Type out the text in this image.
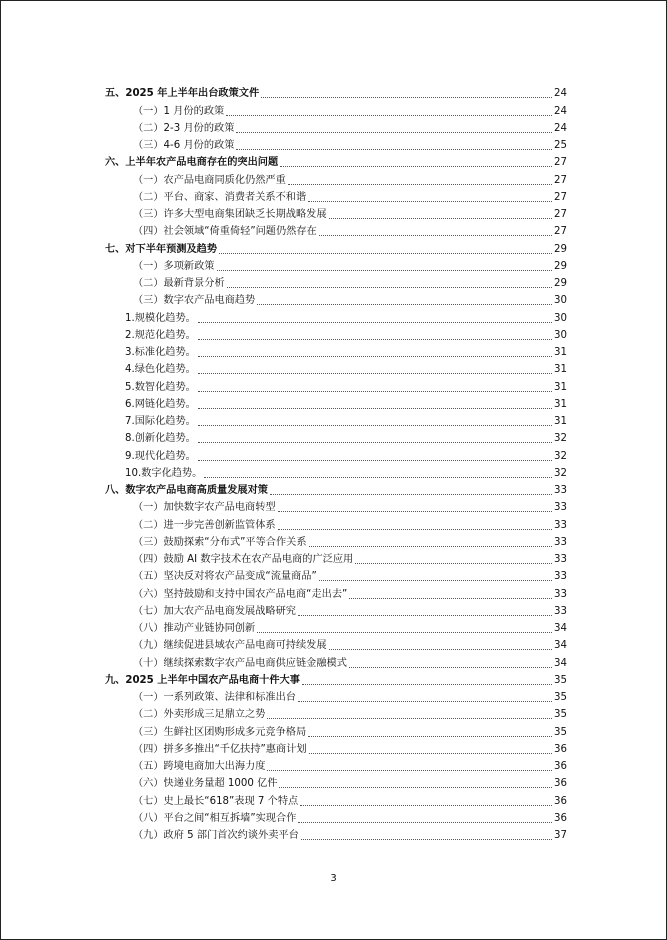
五、2025 年上半年出台政策文件	24
（一）1 月份的政策	24
（二）2-3 月份的政策	24
（三）4-6 月份的政策	25
六、上半年农产品电商存在的突出问题	27
（一）农产品电商同质化仍然严重	27
（二）平台、商家、消费者关系不和谐	27
（三）许多大型电商集团缺乏长期战略发展	27
（四）社会领域“倚重倚轻”问题仍然存在	27
七、对下半年预测及趋势	29
（一）多项新政策	29
（二）最新背景分析	29
（三）数字农产品电商趋势	30
1.规模化趋势。	30
2.规范化趋势。	30
3.标准化趋势。	31
4.绿色化趋势。	31
5.数智化趋势。	31
6.网链化趋势。	31
7.国际化趋势。	31
8.创新化趋势。	32
9.现代化趋势。	32
10.数字化趋势。	32
八、数字农产品电商高质量发展对策	33
（一）加快数字农产品电商转型	33
（二）进一步完善创新监管体系	33
（三）鼓励探索“分布式”平等合作关系	33
（四）鼓励 AI 数字技术在农产品电商的广泛应用	33
（五）坚决反对将农产品变成“流量商品”	33
（六）坚持鼓励和支持中国农产品电商“走出去”	33
（七）加大农产品电商发展战略研究	33
（八）推动产业链协同创新	34
（九）继续促进县域农产品电商可持续发展	34
（十）继续探索数字农产品电商供应链金融模式	34
九、2025 上半年中国农产品电商十件大事	35
（一）一系列政策、法律和标准出台	35
（二）外卖形成三足鼎立之势	35
（三）生鲜社区团购形成多元竞争格局	35
（四）拼多多推出“千亿扶持”惠商计划	36
（五）跨境电商加大出海力度	36
（六）快递业务量超 1000 亿件	36
（七）史上最长“618”表现 7 个特点	36
（八）平台之间“相互拆墙”实现合作	36
（九）政府 5 部门首次约谈外卖平台	37
3
